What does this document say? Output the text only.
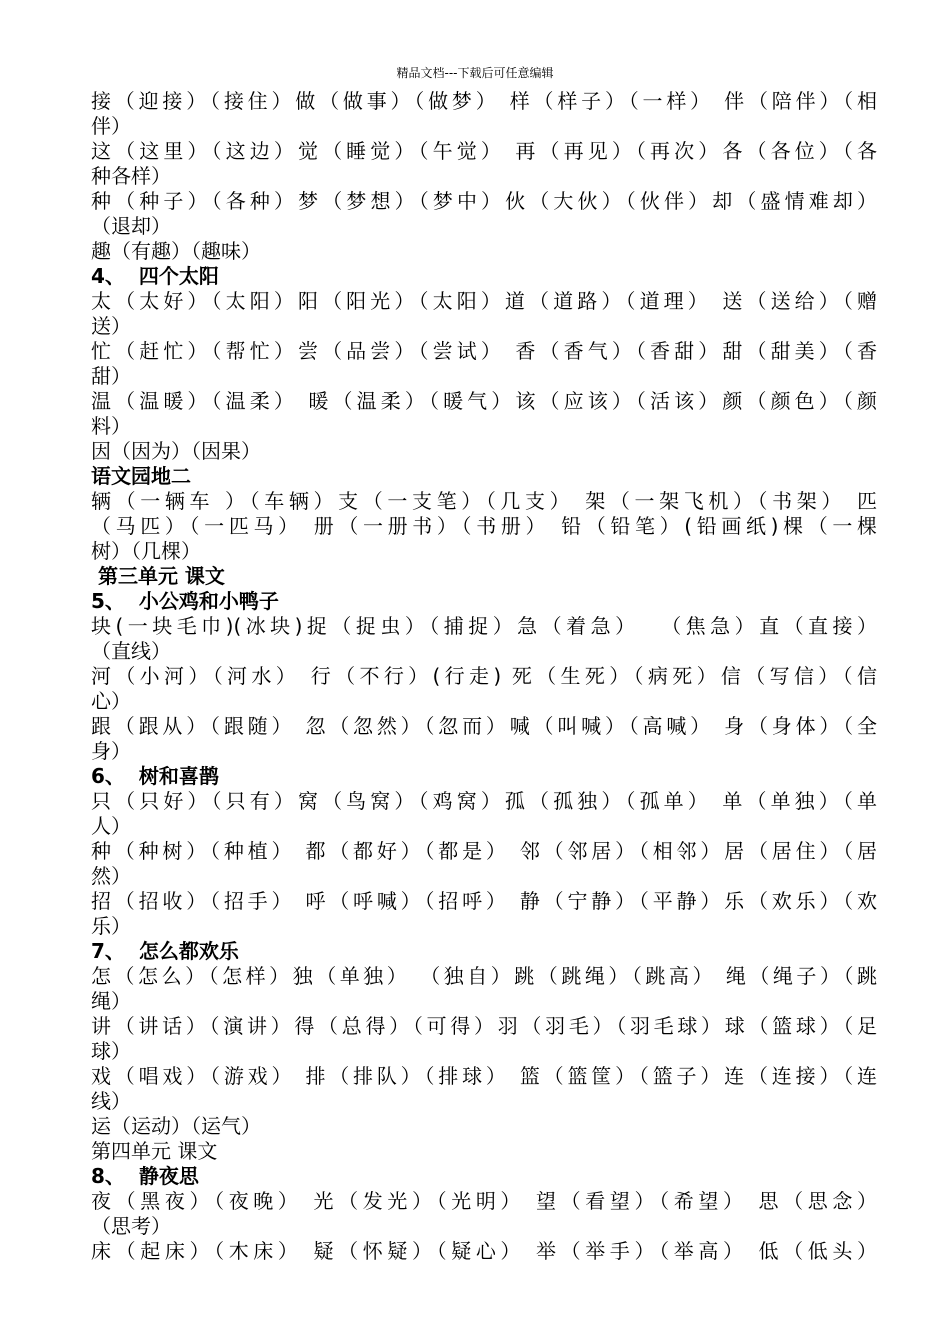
精品文档---下载后可任意编辑
接（迎接）（接住）做（做事）（做梦） 样（样子）（一样） 伴（陪伴）（相
伴）
这（这里）（这边）觉（睡觉）（午觉） 再（再见）（再次）各（各位）（各
种各样）
种（种子）（各种）梦（梦想）（梦中）伙（大伙）（伙伴）却（盛情难却）
（退却）
趣（有趣）（趣味）
4、  四个太阳
太（太好）（太阳）阳（阳光）（太阳）道（道路）（道理） 送（送给）（赠
送）
忙（赶忙）（帮忙）尝（品尝）（尝试） 香（香气）（香甜）甜（甜美）（香
甜）
温（温暖）（温柔） 暖（温柔）（暖气）该（应该）（活该）颜（颜色）（颜
料）
因（因为）（因果）
语文园地二
辆（一辆车 ）（车辆）支（一支笔）（几支） 架（一架飞机）（书架） 匹
（马匹）（一匹马） 册（一册书）（书册） 铅（铅笔）(铅画纸)棵（一棵
树）（几棵）
第三单元 课文
5、  小公鸡和小鸭子
块(一块毛巾)(冰块)捉（捉虫）（捕捉）急（着急）  （焦急）直（直接）
（直线）
河（小河）（河水） 行（不行）(行走) 死（生死）（病死）信（写信）（信
心）
跟（跟从）（跟随） 忽（忽然）（忽而）喊（叫喊）（高喊） 身（身体）（全
身）
6、  树和喜鹊
只（只好）（只有）窝（鸟窝）（鸡窝）孤（孤独）（孤单） 单（单独）（单
人）
种（种树）（种植） 都（都好）（都是） 邻（邻居）（相邻）居（居住）（居
然）
招（招收）（招手） 呼（呼喊）（招呼） 静（宁静）（平静）乐（欢乐）（欢
乐）
7、  怎么都欢乐
怎（怎么）（怎样）独（单独） （独自）跳（跳绳）（跳高） 绳（绳子）（跳
绳）
讲（讲话）（演讲）得（总得）（可得）羽（羽毛）（羽毛球）球（篮球）（足
球）
戏（唱戏）（游戏） 排（排队）（排球） 篮（篮筐）（篮子）连（连接）（连
线）
运（运动）（运气）
第四单元 课文
8、  静夜思
夜（黑夜）（夜晚） 光（发光）（光明） 望（看望）（希望） 思（思念）
（思考）
床（起床）（木床） 疑（怀疑）（疑心） 举（举手）（举高） 低（低头）
